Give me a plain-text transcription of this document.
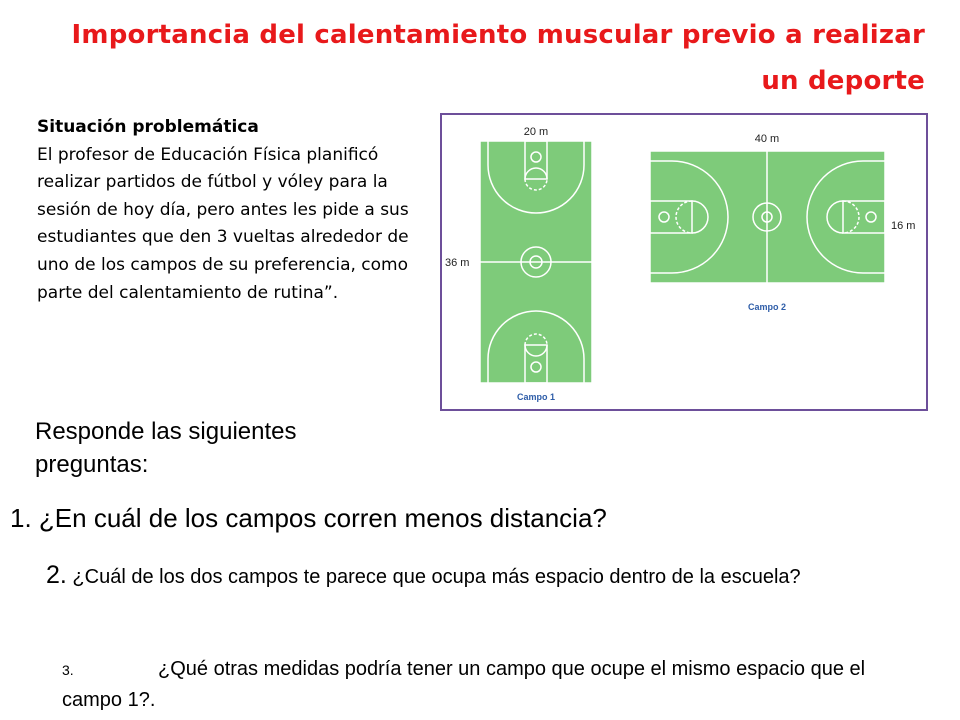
Importancia del calentamiento muscular previo a realizar un deporte
Situación problemática
El profesor de Educación Física planificó realizar partidos de fútbol y vóley para la sesión de hoy día, pero antes les pide a sus estudiantes que den 3 vueltas alrededor de uno de los campos de su preferencia, como parte del calentamiento de rutina”.
20 m
36 m
Campo 1
40 m
16 m
Campo 2
Responde las siguientes preguntas:
1. ¿En cuál de los campos corren menos distancia?
2. ¿Cuál de los dos campos te parece que ocupa más espacio dentro de la escuela?
3.	¿Qué otras medidas podría tener un campo que ocupe el mismo espacio que el campo 1?.
